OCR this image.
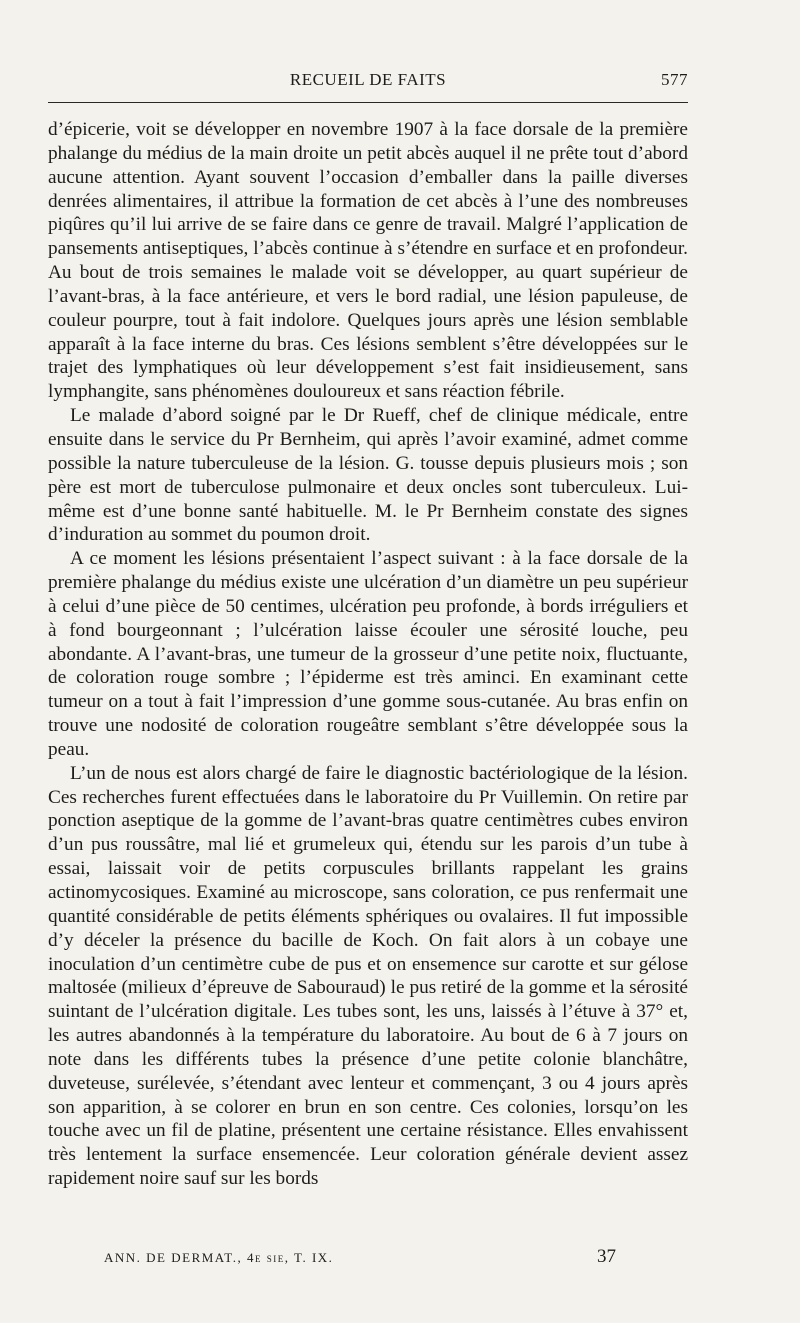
RECUEIL DE FAITS	577

d’épicerie, voit se développer en novembre 1907 à la face dorsale de la première phalange du médius de la main droite un petit abcès auquel il ne prête tout d’abord aucune attention. Ayant souvent l’occasion d’emballer dans la paille diverses denrées alimentaires, il attribue la formation de cet abcès à l’une des nombreuses piqûres qu’il lui arrive de se faire dans ce genre de travail. Malgré l’application de pansements antiseptiques, l’abcès continue à s’étendre en surface et en profondeur. Au bout de trois semaines le malade voit se développer, au quart supérieur de l’avant-bras, à la face antérieure, et vers le bord radial, une lésion papuleuse, de couleur pourpre, tout à fait indolore. Quelques jours après une lésion semblable apparaît à la face interne du bras. Ces lésions semblent s’être développées sur le trajet des lymphatiques où leur développement s’est fait insidieusement, sans lymphangite, sans phénomènes douloureux et sans réaction fébrile.

Le malade d’abord soigné par le Dr Rueff, chef de clinique médicale, entre ensuite dans le service du Pr Bernheim, qui après l’avoir examiné, admet comme possible la nature tuberculeuse de la lésion. G. tousse depuis plusieurs mois ; son père est mort de tuberculose pulmonaire et deux oncles sont tuberculeux. Lui-même est d’une bonne santé habituelle. M. le Pr Bernheim constate des signes d’induration au sommet du poumon droit.

A ce moment les lésions présentaient l’aspect suivant : à la face dorsale de la première phalange du médius existe une ulcération d’un diamètre un peu supérieur à celui d’une pièce de 50 centimes, ulcération peu profonde, à bords irréguliers et à fond bourgeonnant ; l’ulcération laisse écouler une sérosité louche, peu abondante. A l’avant-bras, une tumeur de la grosseur d’une petite noix, fluctuante, de coloration rouge sombre ; l’épiderme est très aminci. En examinant cette tumeur on a tout à fait l’impression d’une gomme sous-cutanée. Au bras enfin on trouve une nodosité de coloration rougeâtre semblant s’être développée sous la peau.

L’un de nous est alors chargé de faire le diagnostic bactériologique de la lésion. Ces recherches furent effectuées dans le laboratoire du Pr Vuillemin. On retire par ponction aseptique de la gomme de l’avant-bras quatre centimètres cubes environ d’un pus roussâtre, mal lié et grumeleux qui, étendu sur les parois d’un tube à essai, laissait voir de petits corpuscules brillants rappelant les grains actinomycosiques. Examiné au microscope, sans coloration, ce pus renfermait une quantité considérable de petits éléments sphériques ou ovalaires. Il fut impossible d’y déceler la présence du bacille de Koch. On fait alors à un cobaye une inoculation d’un centimètre cube de pus et on ensemence sur carotte et sur gélose maltosée (milieux d’épreuve de Sabouraud) le pus retiré de la gomme et la sérosité suintant de l’ulcération digitale. Les tubes sont, les uns, laissés à l’étuve à 37° et, les autres abandonnés à la température du laboratoire. Au bout de 6 à 7 jours on note dans les différents tubes la présence d’une petite colonie blanchâtre, duveteuse, surélevée, s’étendant avec lenteur et commençant, 3 ou 4 jours après son apparition, à se colorer en brun en son centre. Ces colonies, lorsqu’on les touche avec un fil de platine, présentent une certaine résistance. Elles envahissent très lentement la surface ensemencée. Leur coloration générale devient assez rapidement noire sauf sur les bords

ANN. DE DERMAT., 4e sie, T. IX.	37
